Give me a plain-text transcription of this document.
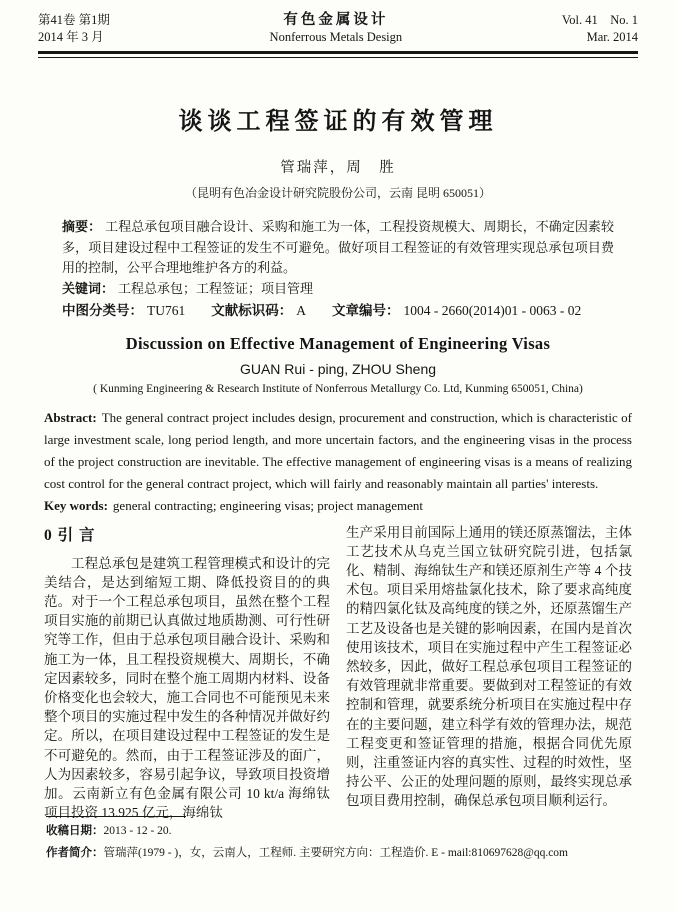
第41卷 第1期
2014 年 3 月
有色金属设计
Nonferrous Metals Design
Vol. 41　No. 1
Mar. 2014
谈谈工程签证的有效管理
管瑞萍，周　胜
（昆明有色冶金设计研究院股份公司，云南 昆明 650051）

摘要： 工程总承包项目融合设计、采购和施工为一体，工程投资规模大、周期长，不确定因素较多，项目建设过程中工程签证的发生不可避免。做好项目工程签证的有效管理实现总承包项目费用的控制，公平合理地维护各方的利益。

关键词： 工程总承包；工程签证；项目管理

中图分类号： TU761 文献标识码： A 文章编号： 1004 - 2660(2014)01 - 0063 - 02

Discussion on Effective Management of Engineering Visas
GUAN Rui - ping, ZHOU Sheng
( Kunming Engineering & Research Institute of Nonferrous Metallurgy Co. Ltd, Kunming 650051, China)

Abstract: The general contract project includes design, procurement and construction, which is characteristic of large investment scale, long period length, and more uncertain factors, and the engineering visas in the process of the project construction are inevitable. The effective management of engineering visas is a means of realizing cost control for the general contract project, which will fairly and reasonably maintain all parties' interests.

Key words: general contracting; engineering visas; project management

0 引 言

工程总承包是建筑工程管理模式和设计的完美结合，是达到缩短工期、降低投资目的的典范。对于一个工程总承包项目，虽然在整个工程项目实施的前期已认真做过地质勘测、可行性研究等工作，但由于总承包项目融合设计、采购和施工为一体，且工程投资规模大、周期长，不确定因素较多，同时在整个施工周期内材料、设备价格变化也会较大，施工合同也不可能预见未来整个项目的实施过程中发生的各种情况并做好约定。所以，在项目建设过程中工程签证的发生是不可避免的。然而，由于工程签证涉及的面广，人为因素较多，容易引起争议，导致项目投资增加。云南新立有色金属有限公司 10 kt/a 海绵钛项目投资 13.925 亿元，海绵钛

生产采用目前国际上通用的镁还原蒸馏法，主体工艺技术从乌克兰国立钛研究院引进，包括氯化、精制、海绵钛生产和镁还原剂生产等 4 个技术包。项目采用熔盐氯化技术，除了要求高纯度的精四氯化钛及高纯度的镁之外，还原蒸馏生产工艺及设备也是关键的影响因素，在国内是首次使用该技术，项目在实施过程中产生工程签证必然较多，因此，做好工程总承包项目工程签证的有效管理就非常重要。要做到对工程签证的有效控制和管理，就要系统分析项目在实施过程中存在的主要问题，建立科学有效的管理办法，规范工程变更和签证管理的措施，根据合同优先原则，注重签证内容的真实性、过程的时效性，坚持公平、公正的处理问题的原则，最终实现总承包项目费用控制，确保总承包项目顺利运行。

收稿日期：2013 - 12 - 20.

作者简介：管瑞萍(1979 - )，女，云南人，工程师. 主要研究方向：工程造价. E - mail:810697628@qq.com
